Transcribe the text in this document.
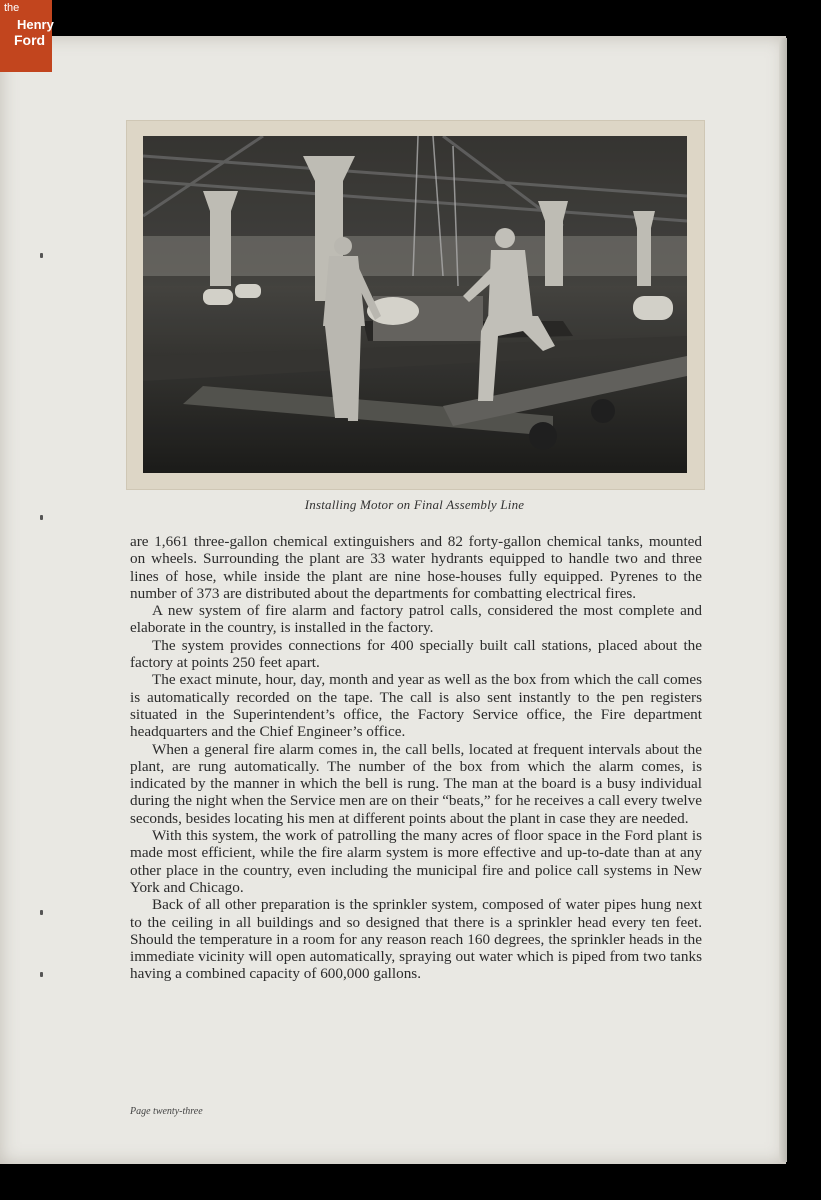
the
Henry
Ford
Installing Motor on Final Assembly Line

are 1,661 three-gallon chemical extinguishers and 82 forty-gallon chemical tanks, mounted on wheels. Surrounding the plant are 33 water hydrants equipped to handle two and three lines of hose, while inside the plant are nine hose-houses fully equipped. Pyrenes to the number of 373 are distributed about the departments for combatting electrical fires.

A new system of fire alarm and factory patrol calls, considered the most complete and elaborate in the country, is installed in the factory.

The system provides connections for 400 specially built call stations, placed about the factory at points 250 feet apart.

The exact minute, hour, day, month and year as well as the box from which the call comes is automatically recorded on the tape. The call is also sent instantly to the pen registers situated in the Superintendent’s office, the Factory Service office, the Fire department headquarters and the Chief Engineer’s office.

When a general fire alarm comes in, the call bells, located at frequent intervals about the plant, are rung automatically. The number of the box from which the alarm comes, is indicated by the manner in which the bell is rung. The man at the board is a busy individual during the night when the Service men are on their “beats,” for he receives a call every twelve seconds, besides locating his men at different points about the plant in case they are needed.

With this system, the work of patrolling the many acres of floor space in the Ford plant is made most efficient, while the fire alarm system is more effective and up-to-date than at any other place in the country, even including the municipal fire and police call systems in New York and Chicago.

Back of all other preparation is the sprinkler system, composed of water pipes hung next to the ceiling in all buildings and so designed that there is a sprinkler head every ten feet. Should the temperature in a room for any reason reach 160 degrees, the sprinkler heads in the immediate vicinity will open automatically, spraying out water which is piped from two tanks having a combined capacity of 600,000 gallons.

Page twenty-three
